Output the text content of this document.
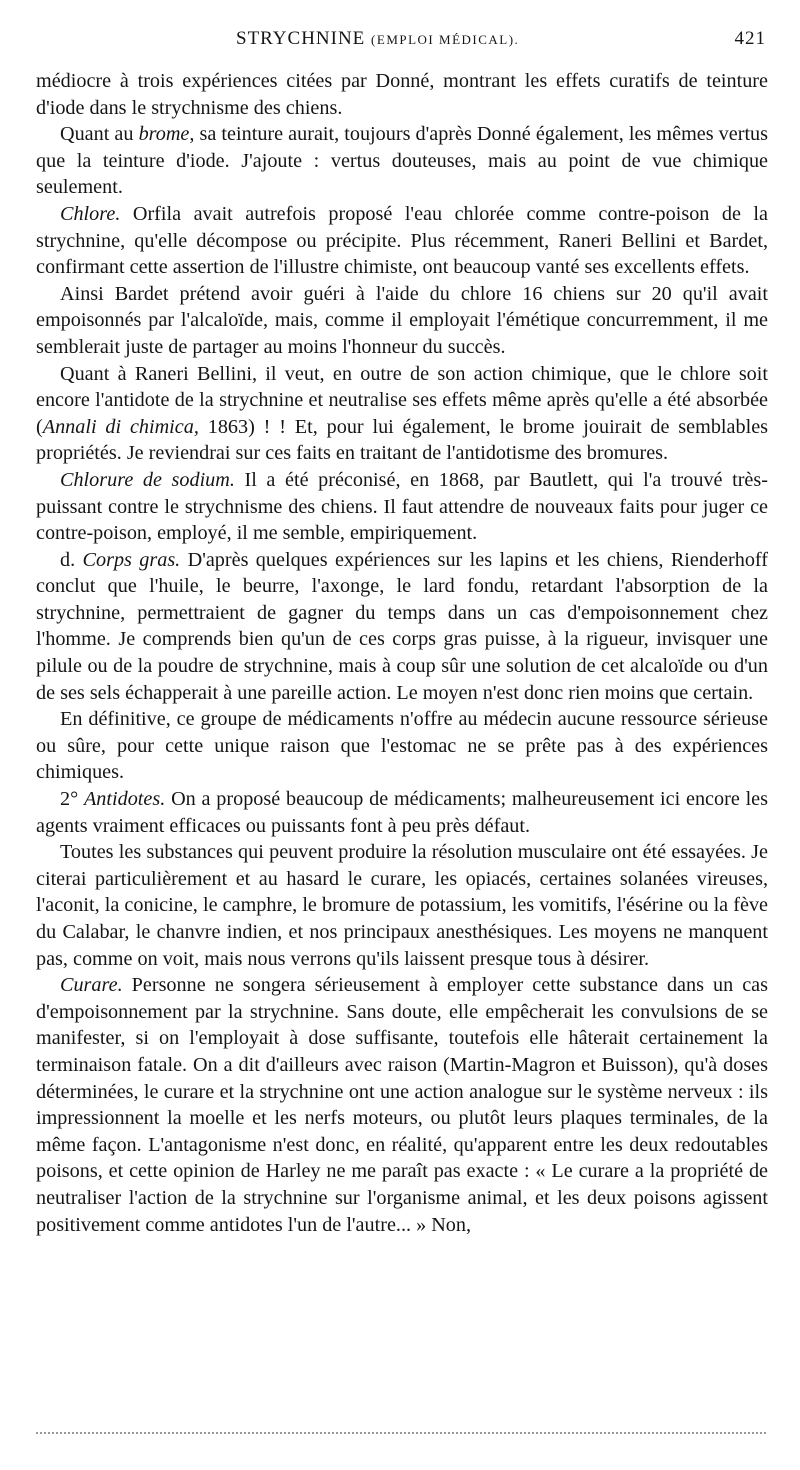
STRYCHNINE (EMPLOI MÉDICAL).	421

médiocre à trois expériences citées par Donné, montrant les effets curatifs de teinture d'iode dans le strychnisme des chiens.

Quant au brome, sa teinture aurait, toujours d'après Donné également, les mêmes vertus que la teinture d'iode. J'ajoute : vertus douteuses, mais au point de vue chimique seulement.

Chlore. Orfila avait autrefois proposé l'eau chlorée comme contre-poison de la strychnine, qu'elle décompose ou précipite. Plus récemment, Raneri Bellini et Bardet, confirmant cette assertion de l'illustre chimiste, ont beaucoup vanté ses excellents effets.

Ainsi Bardet prétend avoir guéri à l'aide du chlore 16 chiens sur 20 qu'il avait empoisonnés par l'alcaloïde, mais, comme il employait l'émétique concurremment, il me semblerait juste de partager au moins l'honneur du succès.

Quant à Raneri Bellini, il veut, en outre de son action chimique, que le chlore soit encore l'antidote de la strychnine et neutralise ses effets même après qu'elle a été absorbée (Annali di chimica, 1863) ! ! Et, pour lui également, le brome jouirait de semblables propriétés. Je reviendrai sur ces faits en traitant de l'antidotisme des bromures.

Chlorure de sodium. Il a été préconisé, en 1868, par Bautlett, qui l'a trouvé très-puissant contre le strychnisme des chiens. Il faut attendre de nouveaux faits pour juger ce contre-poison, employé, il me semble, empiriquement.

d. Corps gras. D'après quelques expériences sur les lapins et les chiens, Rienderhoff conclut que l'huile, le beurre, l'axonge, le lard fondu, retardant l'absorption de la strychnine, permettraient de gagner du temps dans un cas d'empoisonnement chez l'homme. Je comprends bien qu'un de ces corps gras puisse, à la rigueur, invisquer une pilule ou de la poudre de strychnine, mais à coup sûr une solution de cet alcaloïde ou d'un de ses sels échapperait à une pareille action. Le moyen n'est donc rien moins que certain.

En définitive, ce groupe de médicaments n'offre au médecin aucune ressource sérieuse ou sûre, pour cette unique raison que l'estomac ne se prête pas à des expériences chimiques.

2° Antidotes. On a proposé beaucoup de médicaments; malheureusement ici encore les agents vraiment efficaces ou puissants font à peu près défaut.

Toutes les substances qui peuvent produire la résolution musculaire ont été essayées. Je citerai particulièrement et au hasard le curare, les opiacés, certaines solanées vireuses, l'aconit, la conicine, le camphre, le bromure de potassium, les vomitifs, l'ésérine ou la fève du Calabar, le chanvre indien, et nos principaux anesthésiques. Les moyens ne manquent pas, comme on voit, mais nous verrons qu'ils laissent presque tous à désirer.

Curare. Personne ne songera sérieusement à employer cette substance dans un cas d'empoisonnement par la strychnine. Sans doute, elle empêcherait les convulsions de se manifester, si on l'employait à dose suffisante, toutefois elle hâterait certainement la terminaison fatale. On a dit d'ailleurs avec raison (Martin-Magron et Buisson), qu'à doses déterminées, le curare et la strychnine ont une action analogue sur le système nerveux : ils impressionnent la moelle et les nerfs moteurs, ou plutôt leurs plaques terminales, de la même façon. L'antagonisme n'est donc, en réalité, qu'apparent entre les deux redoutables poisons, et cette opinion de Harley ne me paraît pas exacte : « Le curare a la propriété de neutraliser l'action de la strychnine sur l'organisme animal, et les deux poisons agissent positivement comme antidotes l'un de l'autre... » Non,
